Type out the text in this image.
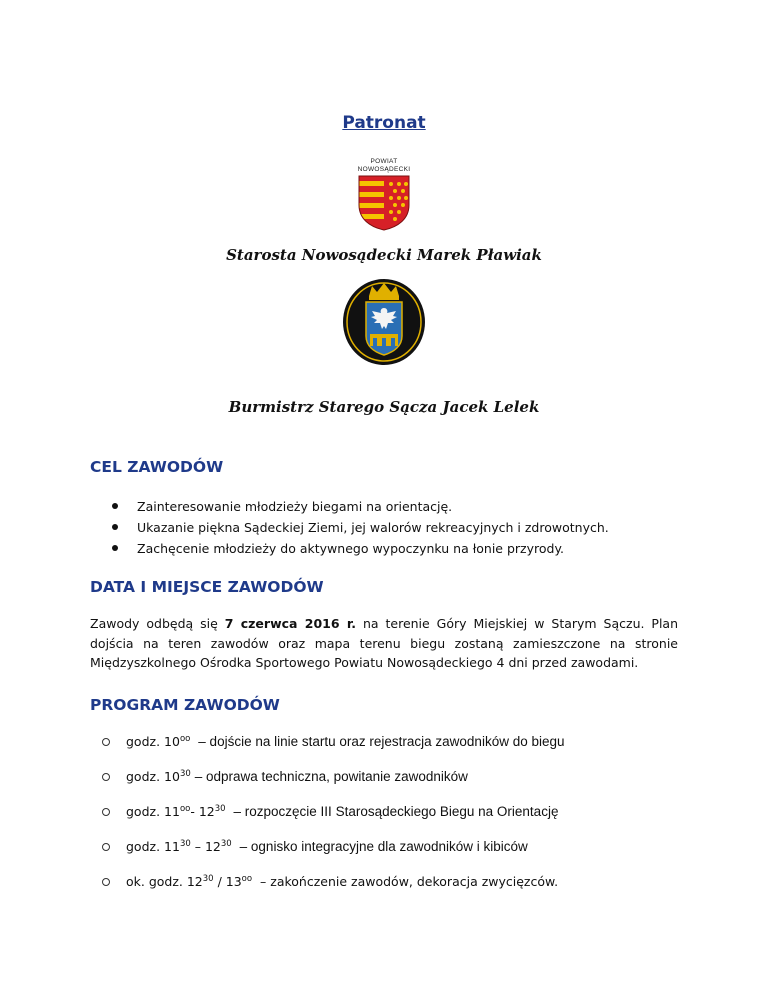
Patronat
POWIAT
NOWOSĄDECKI
Starosta Nowosądecki Marek Pławiak
Burmistrz Starego Sącza Jacek Lelek
CEL ZAWODÓW
Zainteresowanie młodzieży biegami na orientację.
Ukazanie piękna Sądeckiej Ziemi, jej walorów rekreacyjnych i zdrowotnych.
Zachęcenie młodzieży do aktywnego wypoczynku na łonie przyrody.
DATA I MIEJSCE ZAWODÓW

Zawody odbędą się 7 czerwca 2016 r. na terenie Góry Miejskiej w Starym Sączu. Plan dojścia na teren zawodów oraz mapa terenu biegu zostaną zamieszczone na stronie Międzyszkolnego Ośrodka Sportowego Powiatu Nowosądeckiego 4 dni przed zawodami.

PROGRAM ZAWODÓW
godz. $10^{oo}$ – dojście na linie startu oraz rejestracja zawodników do biegu
godz. $10^{30}$ – odprawa techniczna, powitanie zawodników
godz. $11^{oo}-$ $12^{30}$ – rozpoczęcie III Starosądeckiego Biegu na Orientację
godz. $11^{30} - 12^{30}$ – ognisko integracyjne dla zawodników i kibiców
ok. godz. $12^{30} / 13^{oo}$ – zakończenie zawodów, dekoracja zwycięzców.
